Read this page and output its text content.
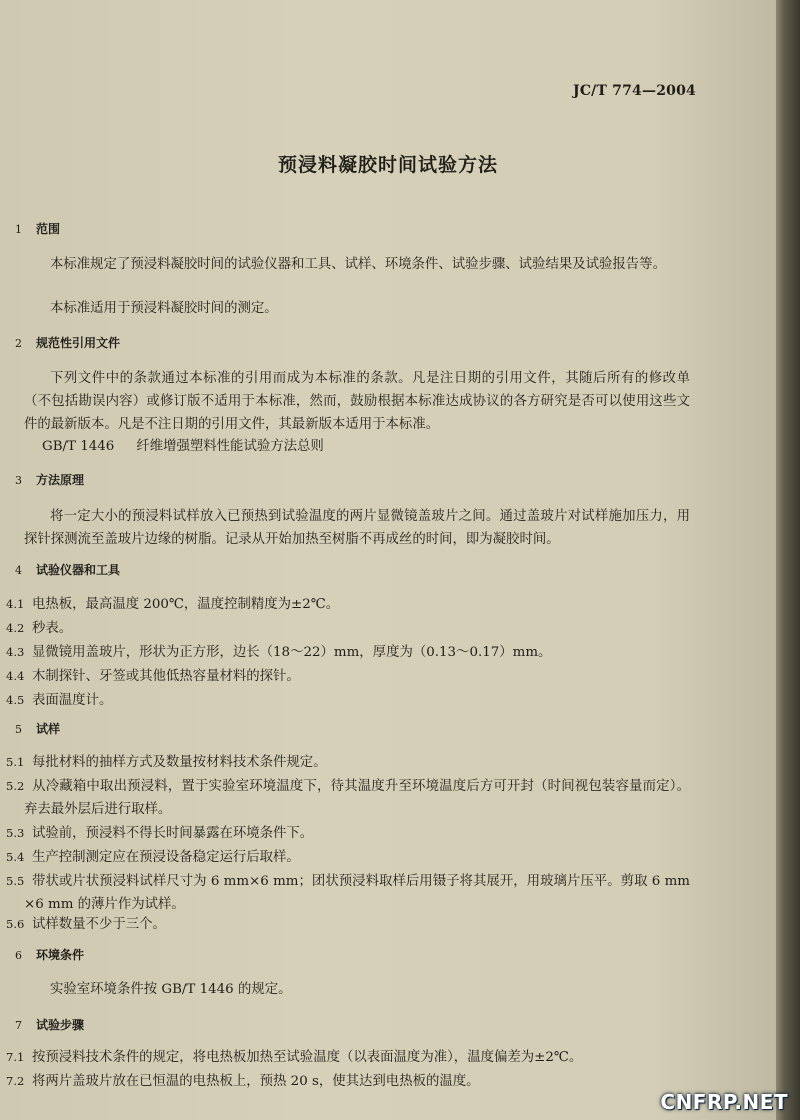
JC/T 774—2004
预浸料凝胶时间试验方法
1 范围
本标准规定了预浸料凝胶时间的试验仪器和工具、试样、环境条件、试验步骤、试验结果及试验报告等。
本标准适用于预浸料凝胶时间的测定。
2 规范性引用文件
下列文件中的条款通过本标准的引用而成为本标准的条款。凡是注日期的引用文件，其随后所有的修改单（不包括勘误内容）或修订版不适用于本标准，然而，鼓励根据本标准达成协议的各方研究是否可以使用这些文件的最新版本。凡是不注日期的引用文件，其最新版本适用于本标准。
GB/T 1446 纤维增强塑料性能试验方法总则
3 方法原理
将一定大小的预浸料试样放入已预热到试验温度的两片显微镜盖玻片之间。通过盖玻片对试样施加压力，用探针探测流至盖玻片边缘的树脂。记录从开始加热至树脂不再成丝的时间，即为凝胶时间。
4 试验仪器和工具
4.1 电热板，最高温度 200℃，温度控制精度为±2℃。
4.2 秒表。
4.3 显微镜用盖玻片，形状为正方形，边长（18～22）mm，厚度为（0.13～0.17）mm。
4.4 木制探针、牙签或其他低热容量材料的探针。
4.5 表面温度计。
5 试样
5.1 每批材料的抽样方式及数量按材料技术条件规定。
5.2 从冷藏箱中取出预浸料，置于实验室环境温度下，待其温度升至环境温度后方可开封（时间视包装容量而定）。弃去最外层后进行取样。
5.3 试验前，预浸料不得长时间暴露在环境条件下。
5.4 生产控制测定应在预浸设备稳定运行后取样。
5.5 带状或片状预浸料试样尺寸为 6 mm×6 mm；团状预浸料取样后用镊子将其展开，用玻璃片压平。剪取 6 mm×6 mm 的薄片作为试样。
5.6 试样数量不少于三个。
6 环境条件
实验室环境条件按 GB/T 1446 的规定。
7 试验步骤
7.1 按预浸料技术条件的规定，将电热板加热至试验温度（以表面温度为准），温度偏差为±2℃。
7.2 将两片盖玻片放在已恒温的电热板上，预热 20 s，使其达到电热板的温度。
CNFRP.NET
